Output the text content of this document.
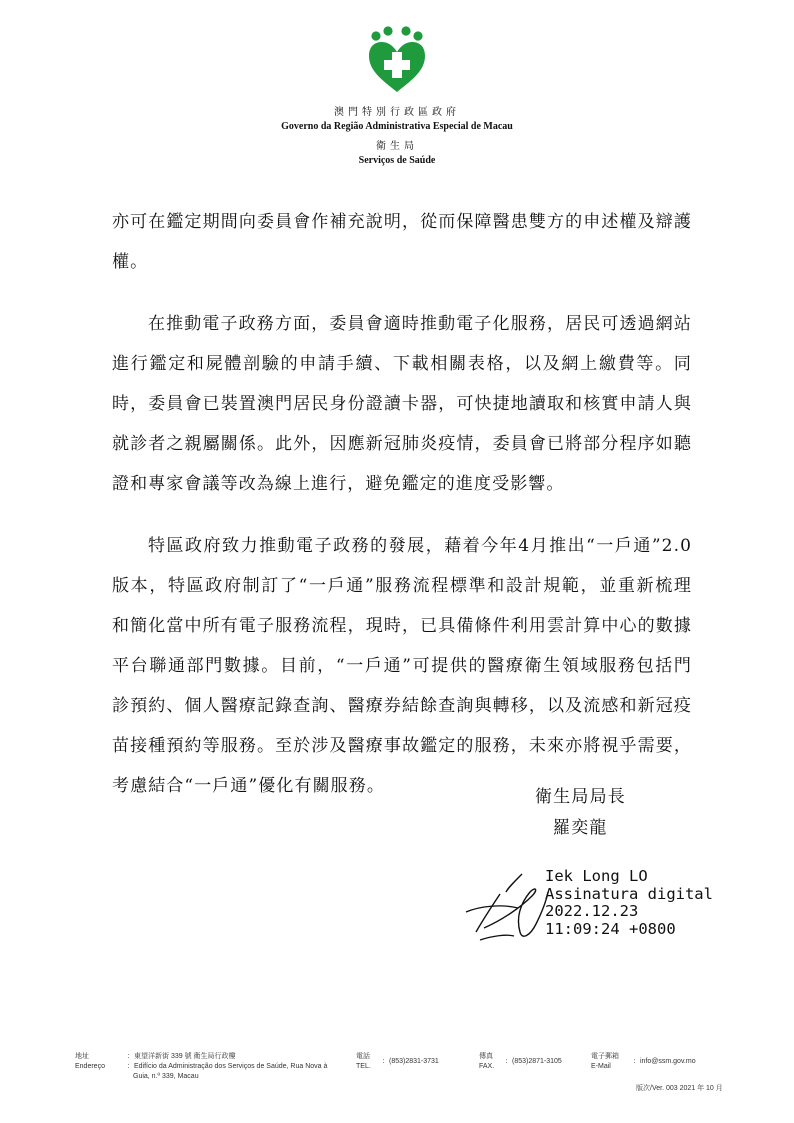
澳門特別行政區政府
Governo da Região Administrativa Especial de Macau
衛生局
Serviços de Saúde

亦可在鑑定期間向委員會作補充說明，從而保障醫患雙方的申述權及辯護權。

在推動電子政務方面，委員會適時推動電子化服務，居民可透過網站進行鑑定和屍體剖驗的申請手續、下載相關表格，以及網上繳費等。同時，委員會已裝置澳門居民身份證讀卡器，可快捷地讀取和核實申請人與就診者之親屬關係。此外，因應新冠肺炎疫情，委員會已將部分程序如聽證和專家會議等改為線上進行，避免鑑定的進度受影響。

特區政府致力推動電子政務的發展，藉着今年4月推出“一戶通”2.0版本，特區政府制訂了“一戶通”服務流程標準和設計規範，並重新梳理和簡化當中所有電子服務流程，現時，已具備條件利用雲計算中心的數據平台聯通部門數據。目前，“一戶通”可提供的醫療衛生領域服務包括門診預約、個人醫療記錄查詢、醫療券結餘查詢與轉移，以及流感和新冠疫苗接種預約等服務。至於涉及醫療事故鑑定的服務，未來亦將視乎需要，考慮結合“一戶通”優化有關服務。

衛生局局長
羅奕龍
Iek Long LO
Assinatura digital
2022.12.23
11:09:24 +0800
地址
Endereço
：東望洋新街 339 號 衛生局行政樓
：Edifício da Administração dos Serviços de Saúde, Rua Nova à
Guia, n.º 339, Macau
電話
TEL.
：(853)2831-3731
傳真
FAX.
：(853)2871-3105
電子郵箱
E-Mail
：info@ssm.gov.mo
版次/Ver. 003 2021 年 10 月
